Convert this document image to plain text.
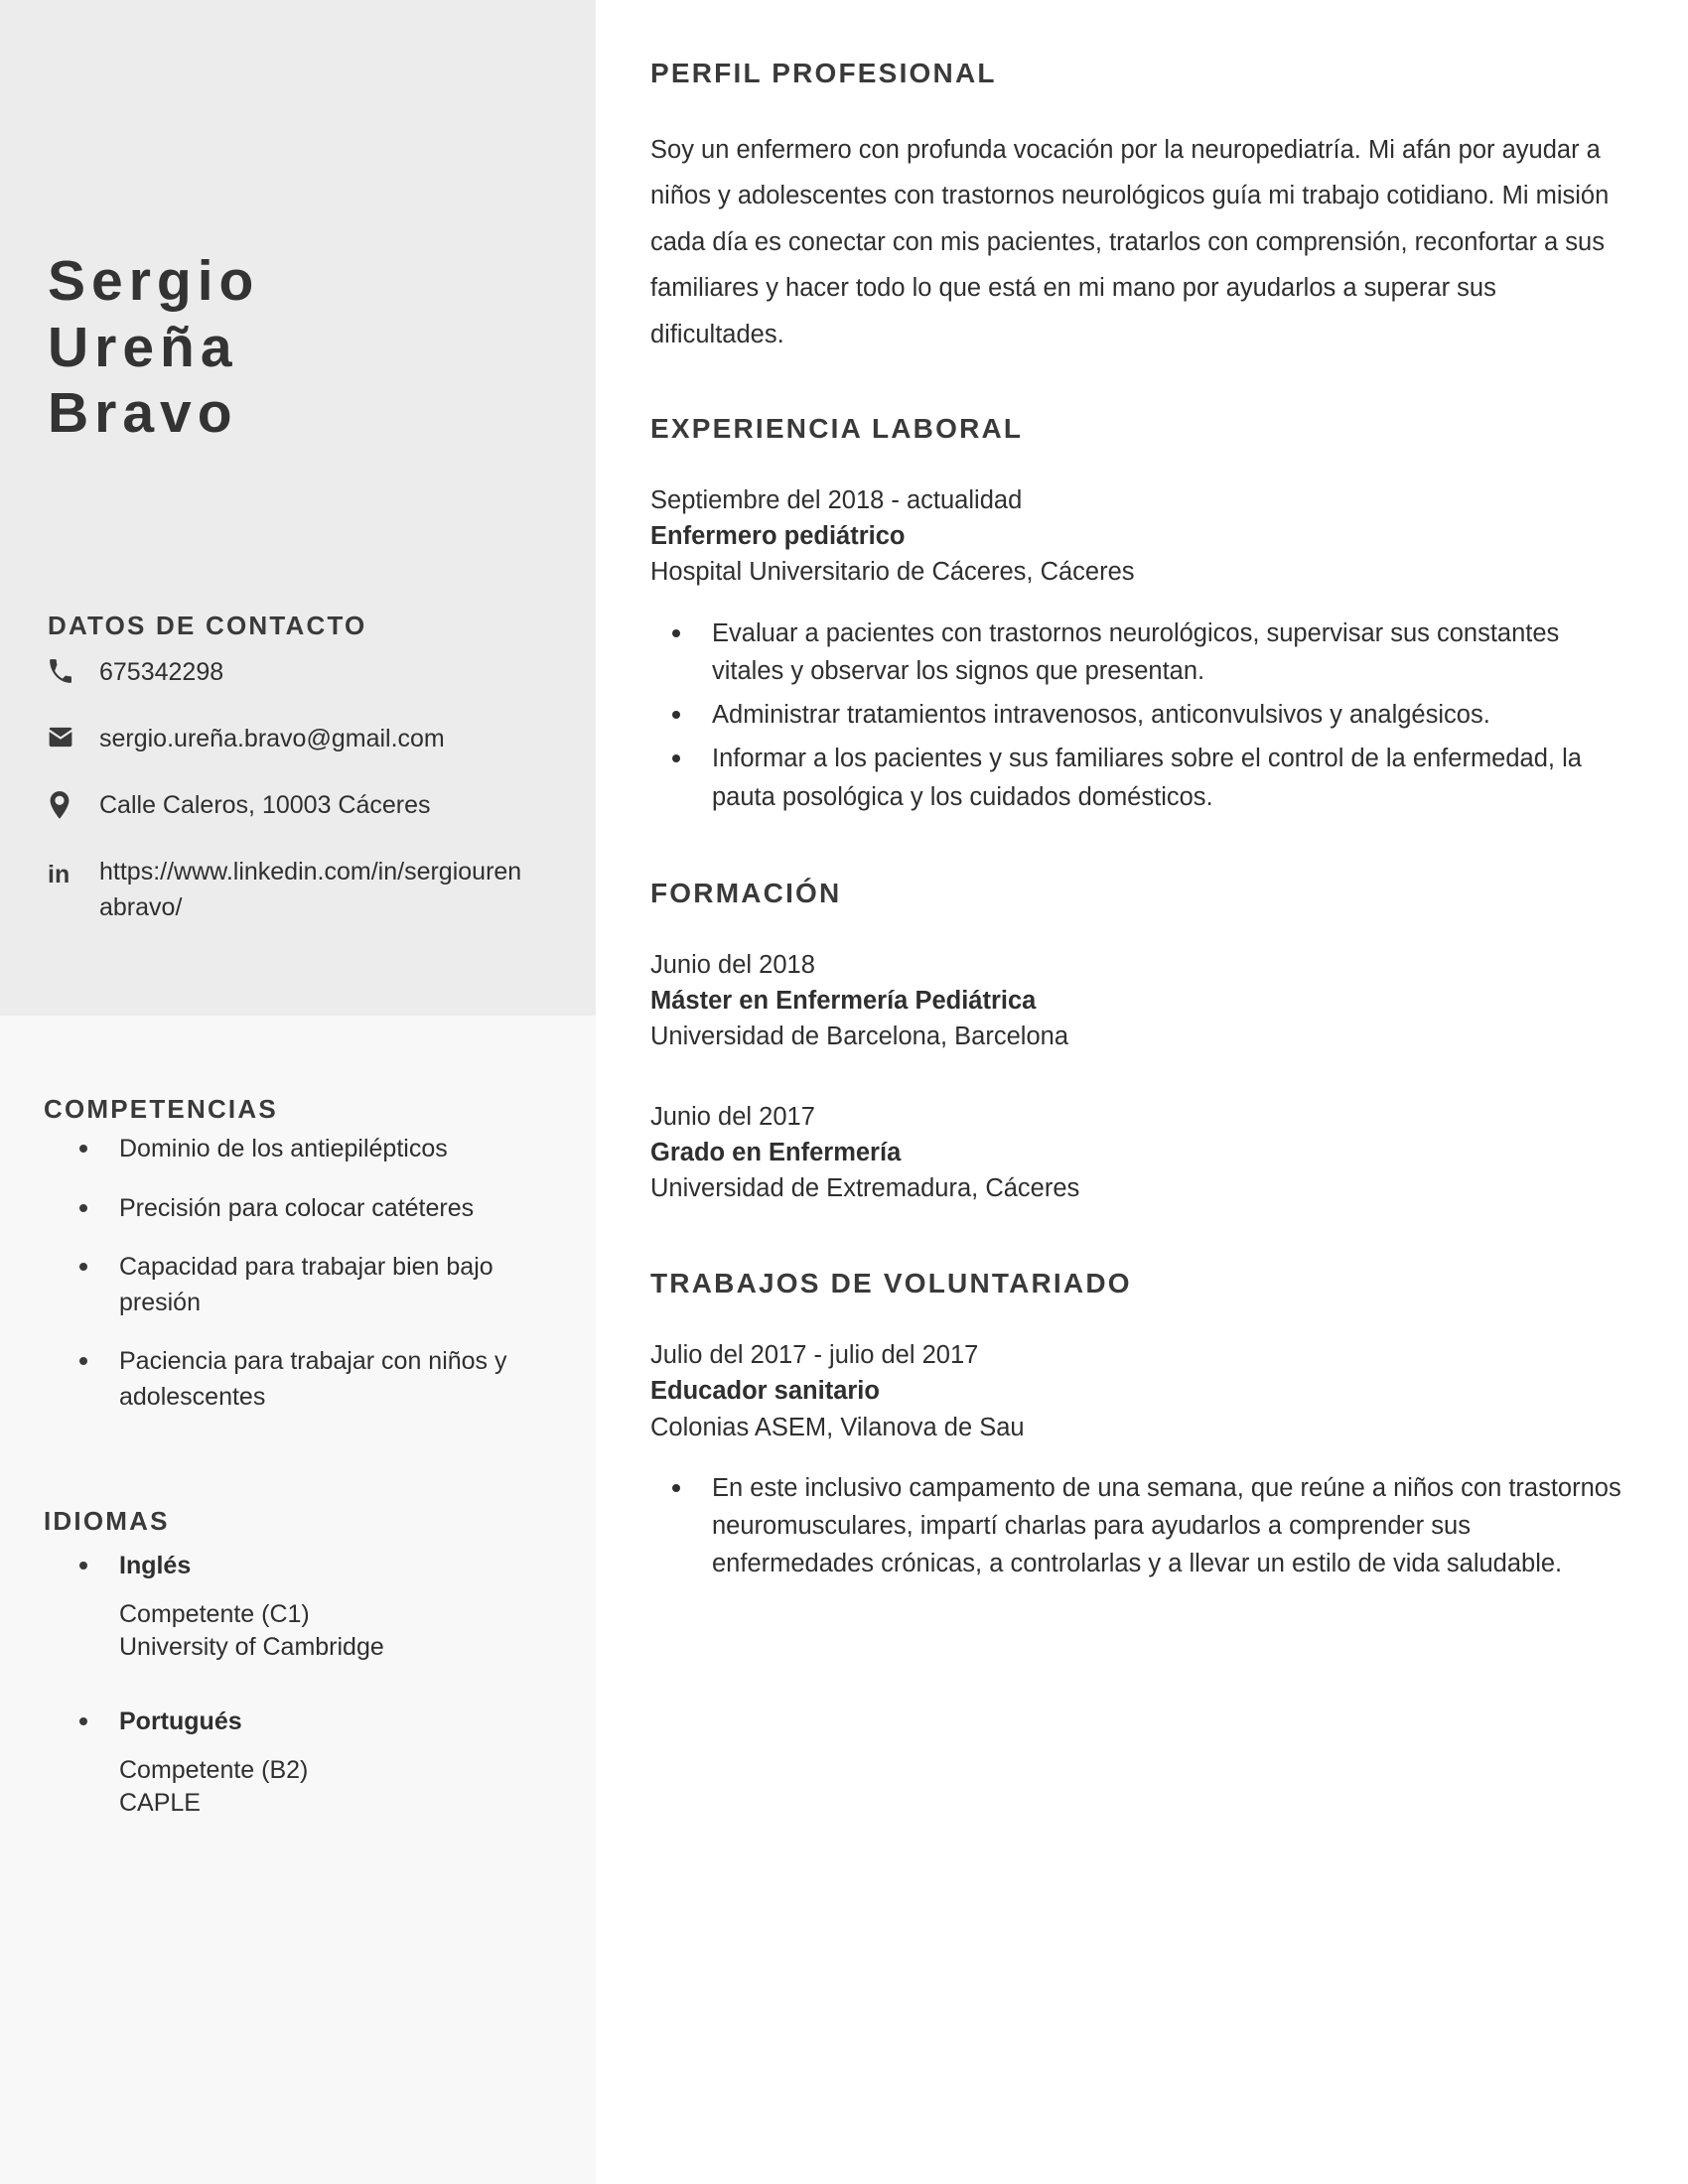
Sergio
Ureña
Bravo
DATOS DE CONTACTO
675342298
sergio.ureña.bravo@gmail.com
Calle Caleros, 10003 Cáceres
in https://www.linkedin.com/in/sergiourenabravo/
COMPETENCIAS
Dominio de los antiepilépticos
Precisión para colocar catéteres
Capacidad para trabajar bien bajo presión
Paciencia para trabajar con niños y adolescentes
IDIOMAS
Inglés
Competente (C1)
University of Cambridge
Portugués
Competente (B2)
CAPLE
PERFIL PROFESIONAL

Soy un enfermero con profunda vocación por la neuropediatría. Mi afán por ayudar a niños y adolescentes con trastornos neurológicos guía mi trabajo cotidiano. Mi misión cada día es conectar con mis pacientes, tratarlos con comprensión, reconfortar a sus familiares y hacer todo lo que está en mi mano por ayudarlos a superar sus dificultades.

EXPERIENCIA LABORAL
Septiembre del 2018 - actualidad
Enfermero pediátrico
Hospital Universitario de Cáceres, Cáceres
Evaluar a pacientes con trastornos neurológicos, supervisar sus constantes vitales y observar los signos que presentan.
Administrar tratamientos intravenosos, anticonvulsivos y analgésicos.
Informar a los pacientes y sus familiares sobre el control de la enfermedad, la pauta posológica y los cuidados domésticos.
FORMACIÓN
Junio del 2018
Máster en Enfermería Pediátrica
Universidad de Barcelona, Barcelona
Junio del 2017
Grado en Enfermería
Universidad de Extremadura, Cáceres
TRABAJOS DE VOLUNTARIADO
Julio del 2017 - julio del 2017
Educador sanitario
Colonias ASEM, Vilanova de Sau
En este inclusivo campamento de una semana, que reúne a niños con trastornos neuromusculares, impartí charlas para ayudarlos a comprender sus enfermedades crónicas, a controlarlas y a llevar un estilo de vida saludable.
